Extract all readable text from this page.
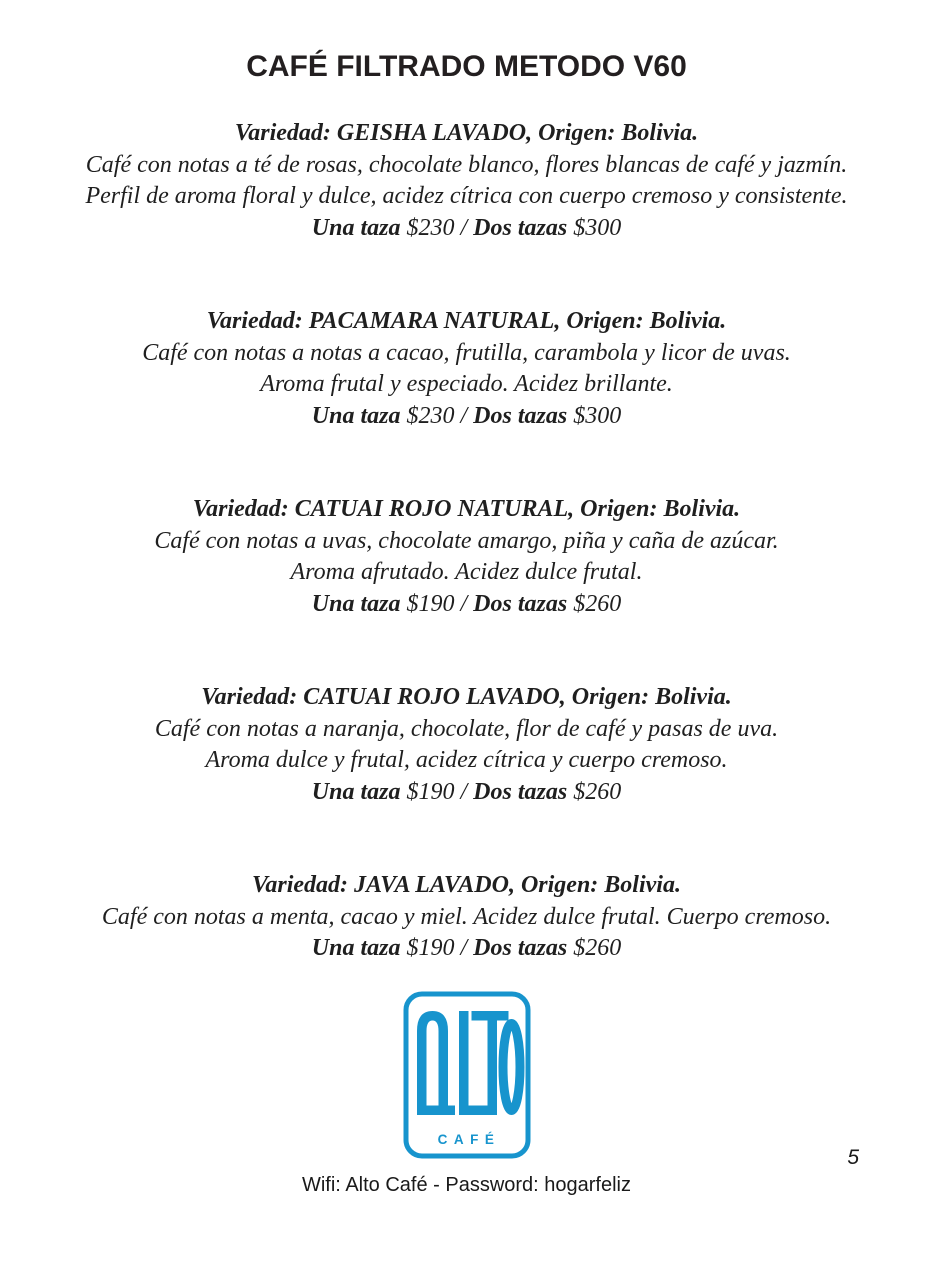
CAFÉ FILTRADO METODO V60
Variedad: GEISHA LAVADO, Origen: Bolivia.
Café con notas a té de rosas, chocolate blanco, flores blancas de café y jazmín.
Perfil de aroma floral y dulce, acidez cítrica con cuerpo cremoso y consistente.
Una taza $230 / Dos tazas $300
Variedad: PACAMARA NATURAL, Origen: Bolivia.
Café con notas a notas a cacao, frutilla, carambola y licor de uvas.
Aroma frutal y especiado. Acidez brillante.
Una taza $230 / Dos tazas $300
Variedad: CATUAI ROJO NATURAL, Origen: Bolivia.
Café con notas a uvas, chocolate amargo, piña y caña de azúcar.
Aroma afrutado. Acidez dulce frutal.
Una taza $190 / Dos tazas $260
Variedad: CATUAI ROJO LAVADO, Origen: Bolivia.
Café con notas a naranja, chocolate, flor de café y pasas de uva.
Aroma dulce y frutal, acidez cítrica y cuerpo cremoso.
Una taza $190 / Dos tazas $260
Variedad: JAVA LAVADO, Origen: Bolivia.
Café con notas a menta, cacao y miel. Acidez dulce frutal. Cuerpo cremoso.
Una taza $190 / Dos tazas $260
CAFÉ
Wifi: Alto Café - Password: hogarfeliz
5
